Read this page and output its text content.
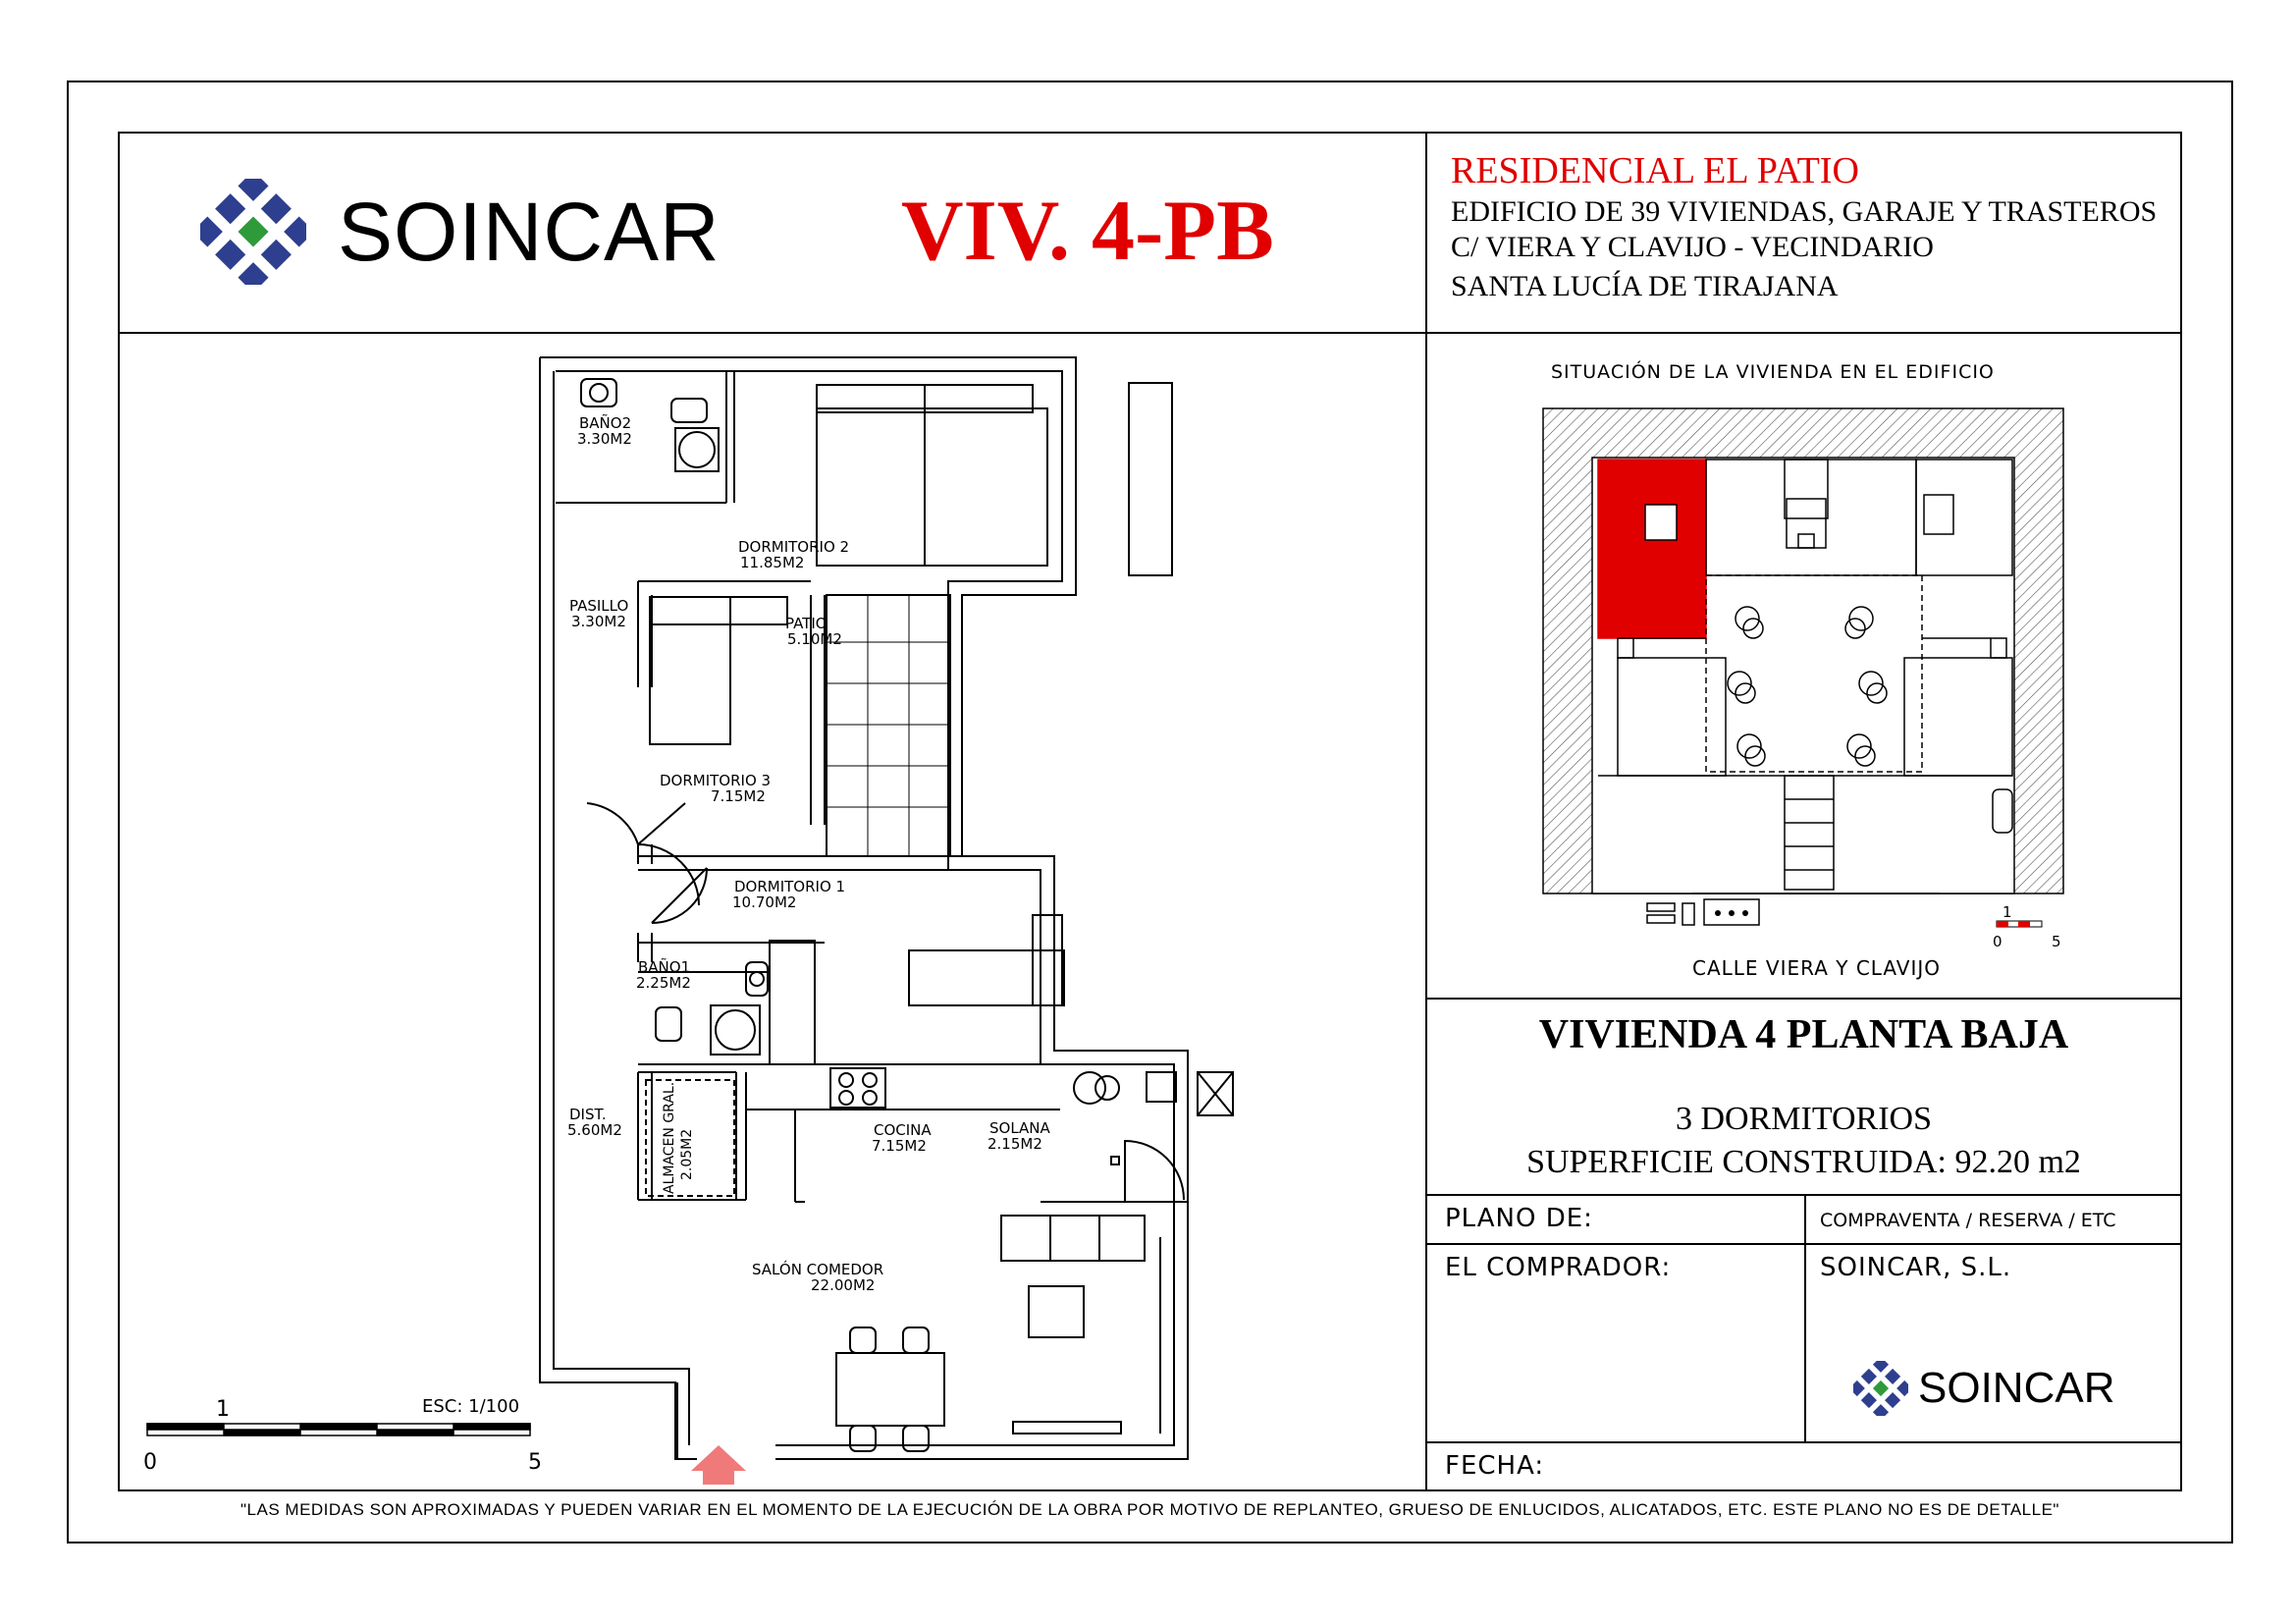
SOINCAR VIV. 4-PB
RESIDENCIAL EL PATIO
EDIFICIO DE 39 VIVIENDAS, GARAJE Y TRASTEROS
C/ VIERA Y CLAVIJO - VECINDARIO
SANTA LUCÍA DE TIRAJANA
BAÑO2
3.30M2
DORMITORIO 2
11.85M2
PASILLO
3.30M2	PATIO
5.10M2
DORMITORIO 3
7.15M2
DORMITORIO 1
10.70M2
BAÑO1
2.25M2
DIST.
5.60M2	ALMACEN GRAL. 2.05M2	COCINA
7.15M2
SOLANA
2.15M2
SALÓN COMEDOR
22.00M2
ESC: 1/100
0
1
5
SITUACIÓN DE LA VIVIENDA EN EL EDIFICIO
1
0	5
CALLE VIERA Y CLAVIJO
VIVIENDA 4 PLANTA BAJA
3 DORMITORIOS
SUPERFICIE CONSTRUIDA: 92.20 m2
PLANO DE:	COMPRAVENTA / RESERVA / ETC
EL COMPRADOR:	SOINCAR, S.L.
SOINCAR
FECHA:
"LAS MEDIDAS SON APROXIMADAS Y PUEDEN VARIAR EN EL MOMENTO DE LA EJECUCIÓN DE LA OBRA POR MOTIVO DE REPLANTEO, GRUESO DE ENLUCIDOS, ALICATADOS, ETC. ESTE PLANO NO ES DE DETALLE"
